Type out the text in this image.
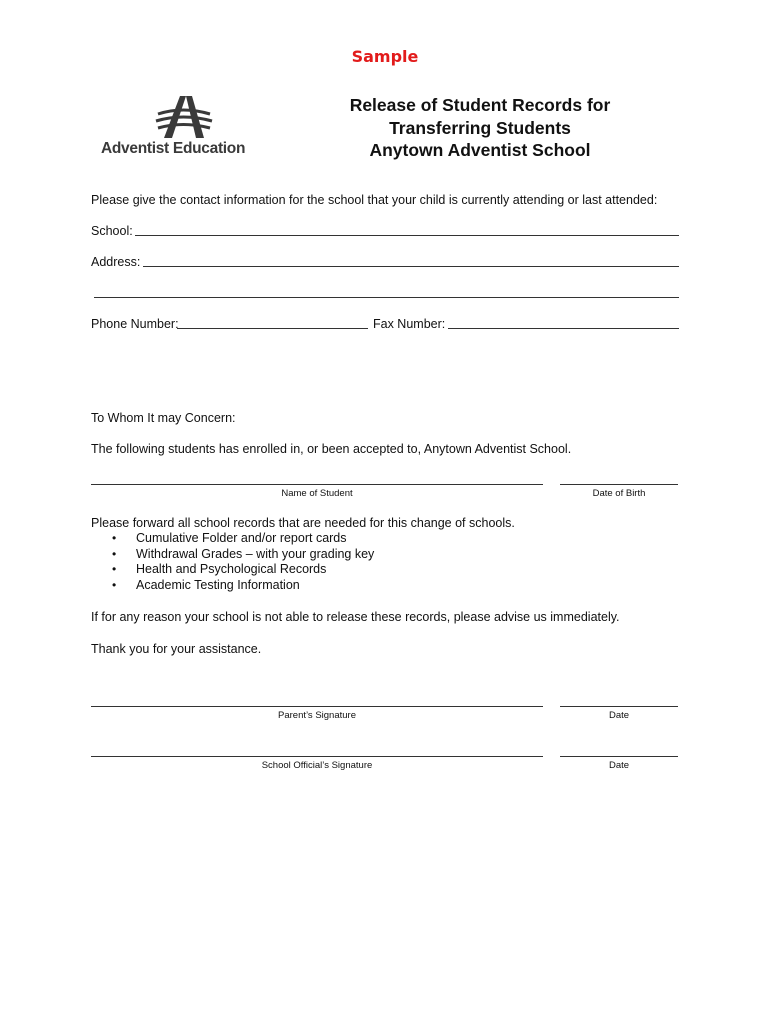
Sample
Adventist Education
Release of Student Records for
Transferring Students
Anytown Adventist School
Please give the contact information for the school that your child is currently attending or last attended:
School:
Address:
Phone Number:	Fax Number:
To Whom It may Concern:
The following students has enrolled in, or been accepted to, Anytown Adventist School.
Name of Student	Date of Birth
Please forward all school records that are needed for this change of schools.
• Cumulative Folder and/or report cards
• Withdrawal Grades – with your grading key
• Health and Psychological Records
• Academic Testing Information
If for any reason your school is not able to release these records, please advise us immediately.
Thank you for your assistance.
Parent’s Signature	Date
School Official’s Signature	Date
